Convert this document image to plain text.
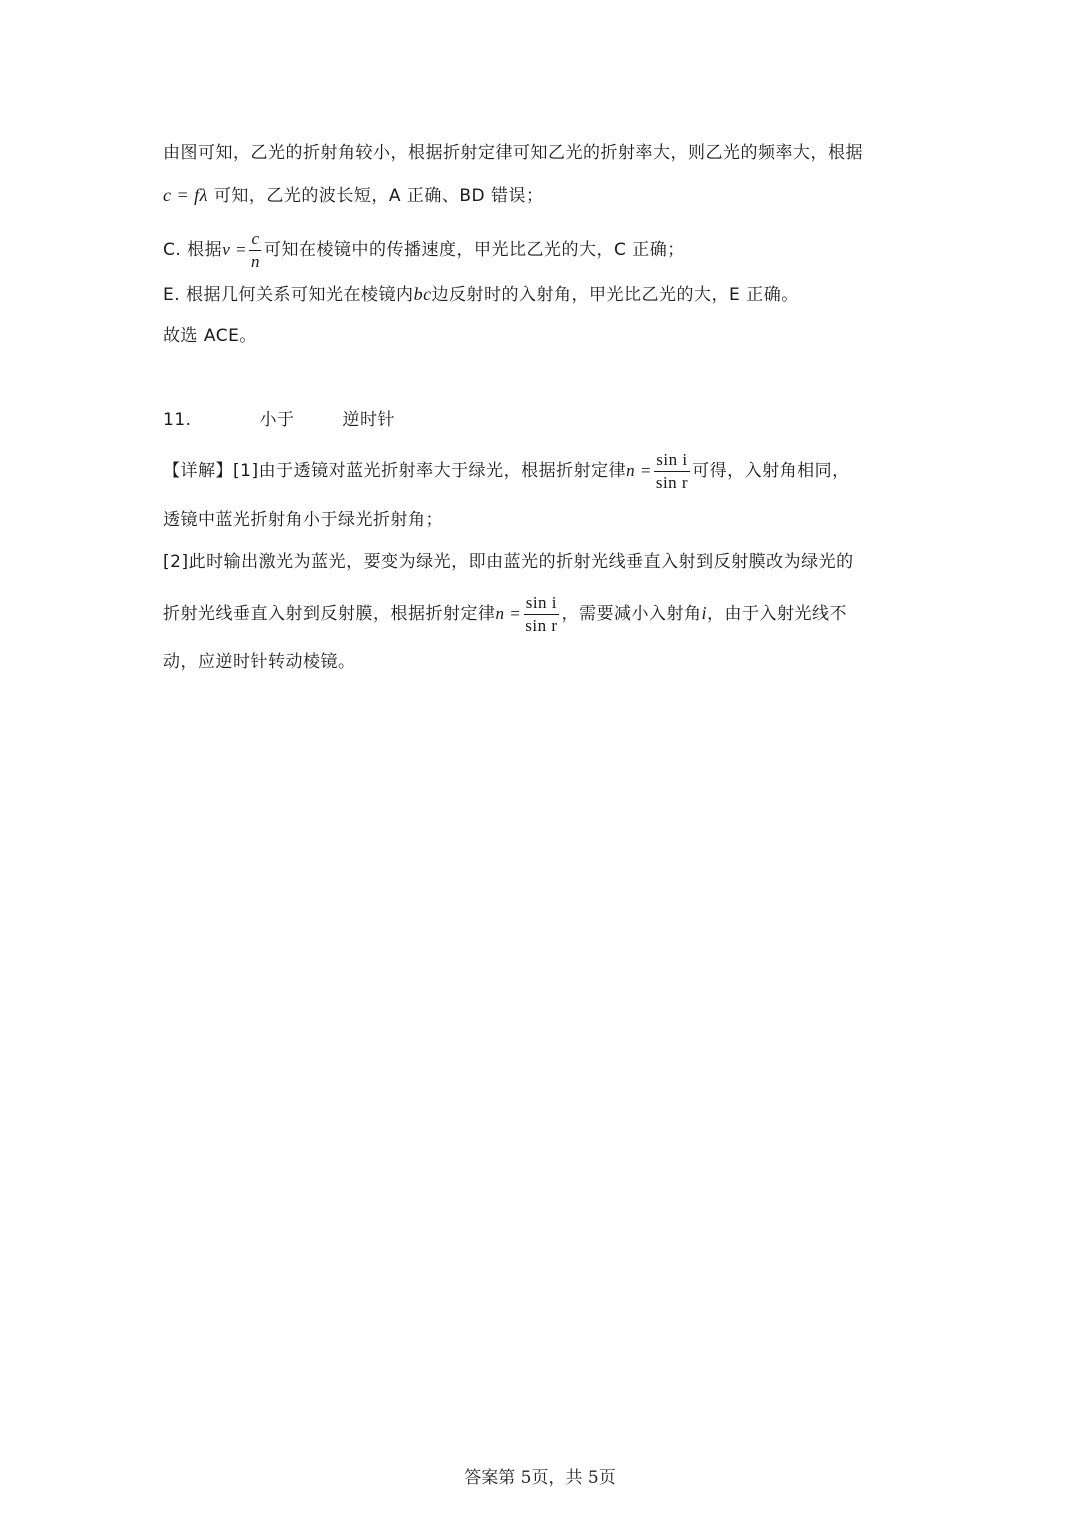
由图可知，乙光的折射角较小，根据折射定律可知乙光的折射率大，则乙光的频率大，根据
c = fλ 可知，乙光的波长短，A 正确、BD 错误；
C. 根据$v = \frac{c}{n}$ 可知在棱镜中的传播速度，甲光比乙光的大，C 正确；
E. 根据几何关系可知光在棱镜内bc边反射时的入射角，甲光比乙光的大，E 正确。
故选 ACE。
11.	小于	逆时针
【详解】[1]由于透镜对蓝光折射率大于绿光，根据折射定律$n = \frac{\text{sin i}}{\text{sin r}}$ 可得，入射角相同，
透镜中蓝光折射角小于绿光折射角；
[2]此时输出激光为蓝光，要变为绿光，即由蓝光的折射光线垂直入射到反射膜改为绿光的
折射光线垂直入射到反射膜，根据折射定律$n = \frac{\text{sin i}}{\text{sin r}}$ ，需要减小入射角i，由于入射光线不
动，应逆时针转动棱镜。
答案第 5页，共 5页
